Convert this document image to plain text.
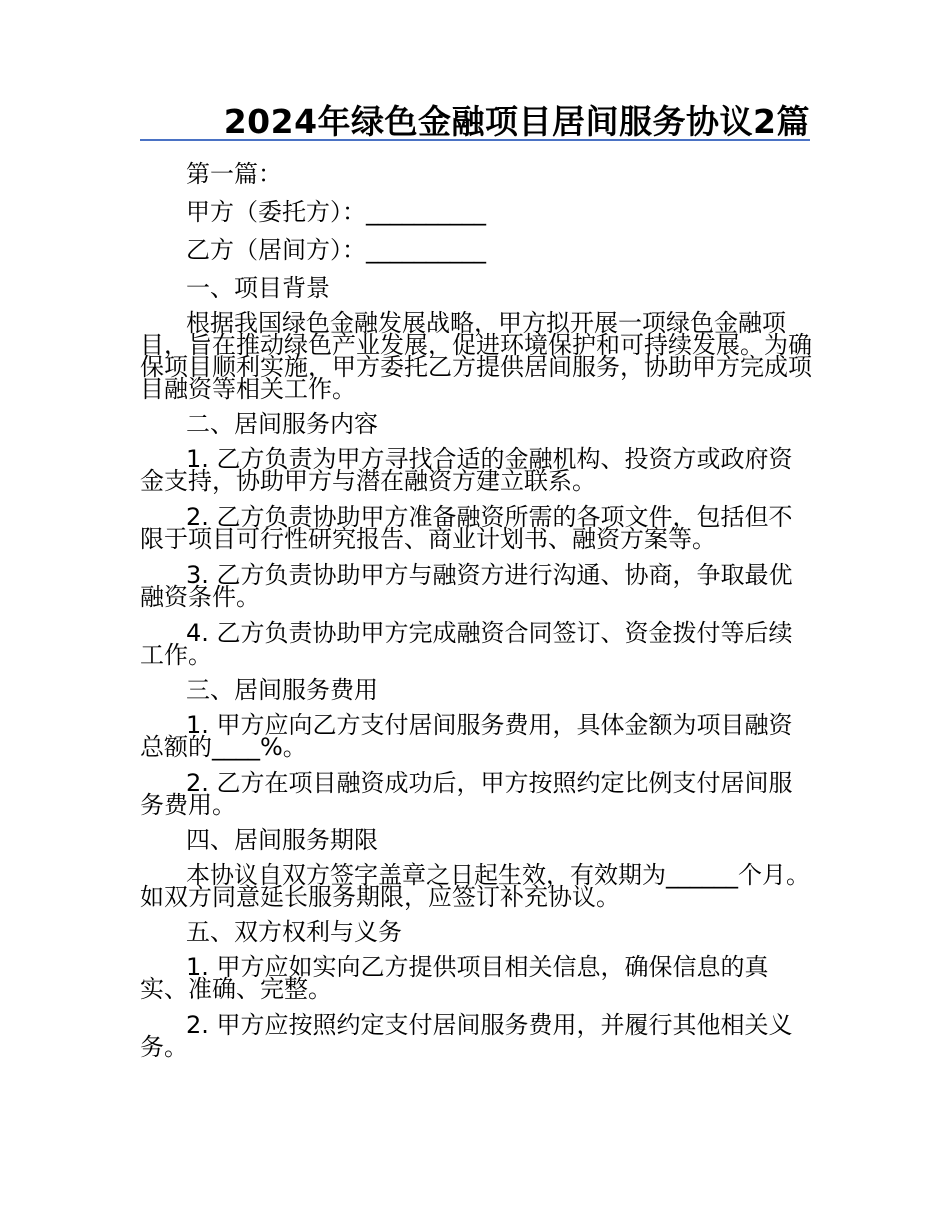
2024年绿色金融项目居间服务协议2篇
第一篇：
甲方（委托方）：__________
乙方（居间方）：__________
一、项目背景

根据我国绿色金融发展战略，甲方拟开展一项绿色金融项目，旨在推动绿色产业发展，促进环境保护和可持续发展。为确保项目顺利实施，甲方委托乙方提供居间服务，协助甲方完成项目融资等相关工作。

二、居间服务内容

1. 乙方负责为甲方寻找合适的金融机构、投资方或政府资金支持，协助甲方与潜在融资方建立联系。

2. 乙方负责协助甲方准备融资所需的各项文件，包括但不限于项目可行性研究报告、商业计划书、融资方案等。

3. 乙方负责协助甲方与融资方进行沟通、协商，争取最优融资条件。

4. 乙方负责协助甲方完成融资合同签订、资金拨付等后续工作。

三、居间服务费用

1. 甲方应向乙方支付居间服务费用，具体金额为项目融资总额的____%。

2. 乙方在项目融资成功后，甲方按照约定比例支付居间服务费用。

四、居间服务期限

本协议自双方签字盖章之日起生效，有效期为______个月。如双方同意延长服务期限，应签订补充协议。

五、双方权利与义务

1. 甲方应如实向乙方提供项目相关信息，确保信息的真实、准确、完整。

2. 甲方应按照约定支付居间服务费用，并履行其他相关义务。
